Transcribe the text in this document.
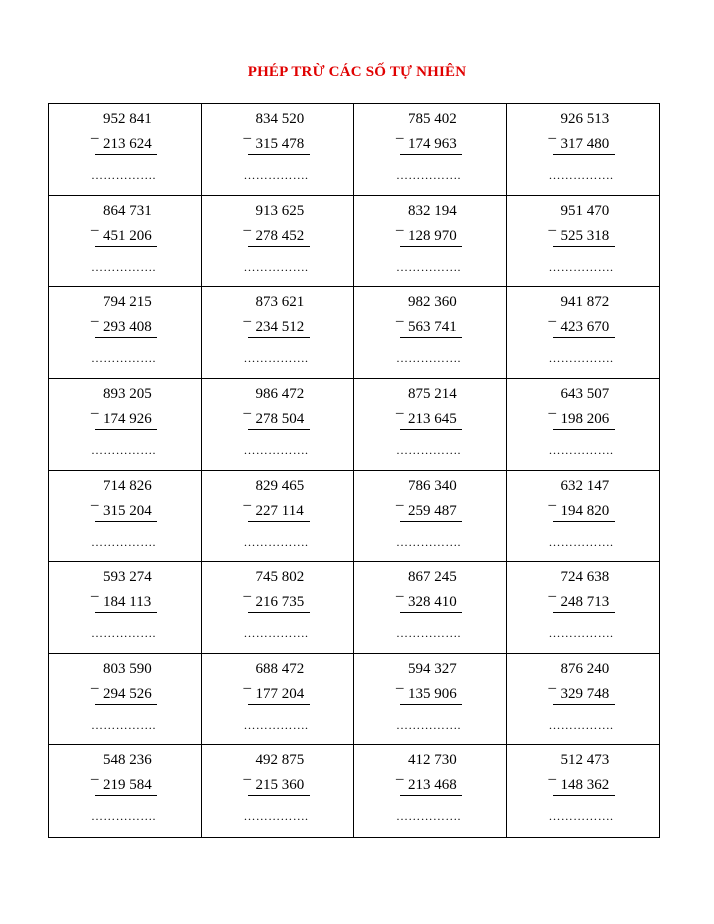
PHÉP TRỪ CÁC SỐ TỰ NHIÊN
952 841
_
213 624
…………….
834 520
_
315 478
…………….
785 402
_
174 963
…………….
926 513
_
317 480
…………….
864 731
_
451 206
…………….
913 625
_
278 452
…………….
832 194
_
128 970
…………….
951 470
_
525 318
…………….
794 215
_
293 408
…………….
873 621
_
234 512
…………….
982 360
_
563 741
…………….
941 872
_
423 670
…………….
893 205
_
174 926
…………….
986 472
_
278 504
…………….
875 214
_
213 645
…………….
643 507
_
198 206
…………….
714 826
_
315 204
…………….
829 465
_
227 114
…………….
786 340
_
259 487
…………….
632 147
_
194 820
…………….
593 274
_
184 113
…………….
745 802
_
216 735
…………….
867 245
_
328 410
…………….
724 638
_
248 713
…………….
803 590
_
294 526
…………….
688 472
_
177 204
…………….
594 327
_
135 906
…………….
876 240
_
329 748
…………….
548 236
_
219 584
…………….
492 875
_
215 360
…………….
412 730
_
213 468
…………….
512 473
_
148 362
…………….
